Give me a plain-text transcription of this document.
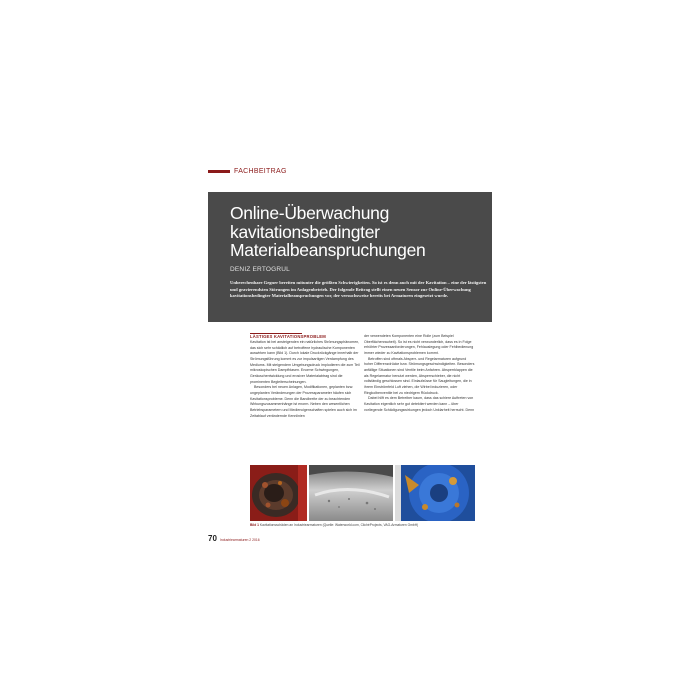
FACHBEITRAG
Online-Überwachung
kavitationsbedingter
Materialbeanspruchungen
DENIZ ERTOGRUL
Unberechenbare Gegner bereiten mitunter die größten Schwierigkeiten. So ist es denn auch mit der Kavitation – eine der lästigsten und gravierendsten Störungen im Anlagenbetrieb. Der folgende Beitrag stellt einen neuen Sensor zur Online-Überwachung kavitationsbedingter Materialbeanspruchungen vor, der versuchsweise bereits bei Armaturen eingesetzt wurde.
LÄSTIGES KAVITATIONSPROBLEM

Kavitation ist bei ansteigenden ein natürliches Strömungsphänomen, das sich sehr schädlich auf betroffene hydraulische Komponenten auswirken kann (Bild 1). Durch lokale Druckrückgänge innerhalb der Strömungsführung kommt es zur impulsartigen Verdampfung des Mediums. Mit steigendem Umgebungsdruck implodieren die zum Teil mikroskopischen Dampfblasen. Enorme Schwingungen, Geräuschentwicklung und erosiver Materialabtrag sind die prominenten Begleiterscheinungen.

Besonders bei neuen Anlagen, Modifikationen, geplanten bzw. ungeplanten Veränderungen der Prozessparameter häufen sich Kavitationsprobleme. Denn die Bandbreite der zu beachtenden Wirkungszusammenhänge ist enorm. Neben den wesentlichen Betriebsparametern und Mediencigenschaften spielen auch sich im Zeitablauf verändernde Kennlinien

der verwendeten Komponenten eine Rolle (zum Beispiel Oberflächenrauheit). So ist es nicht verwunderlich, dass es in Folge erhöhter Prozessanforderungen, Fehlauslegung oder Fehlbedienung immer wieder zu Kavitationsproblemen kommt.

Betroffen sind oftmals Absperr- und Regelarmaturen aufgrund hoher Differenzdrücke bzw. Strömungsgeschwindigkeiten. Besonders anfällige Situationen sind Ventile beim Anfahren. Absperrklappen die als Regelarmatur benutzt werden, Absperrschieber, die nicht vollständig geschlossen sind. Einlaufzüsse für Saugleitungen, die in ihrem Einströmfeld Luft ziehen, die Wirbel induzieren, oder Ringkolbenventile bei zu niedrigem Rückdruck.

Dabei hilft es dem Betreiber kaum, dass das schiere Auftreten von Kavitation eigentlich sehr gut detektiert werden kann – über vorliegende Schädigungswirkungen jedoch Unklarheit herrscht. Denn

Bild 1 Kavitationsschäden an Industriearmaturen (Quelle: Waterworld.com, ClichéProjects, VAG-Armaturen GmbH)
70 Industriearmaturen 2 2016
